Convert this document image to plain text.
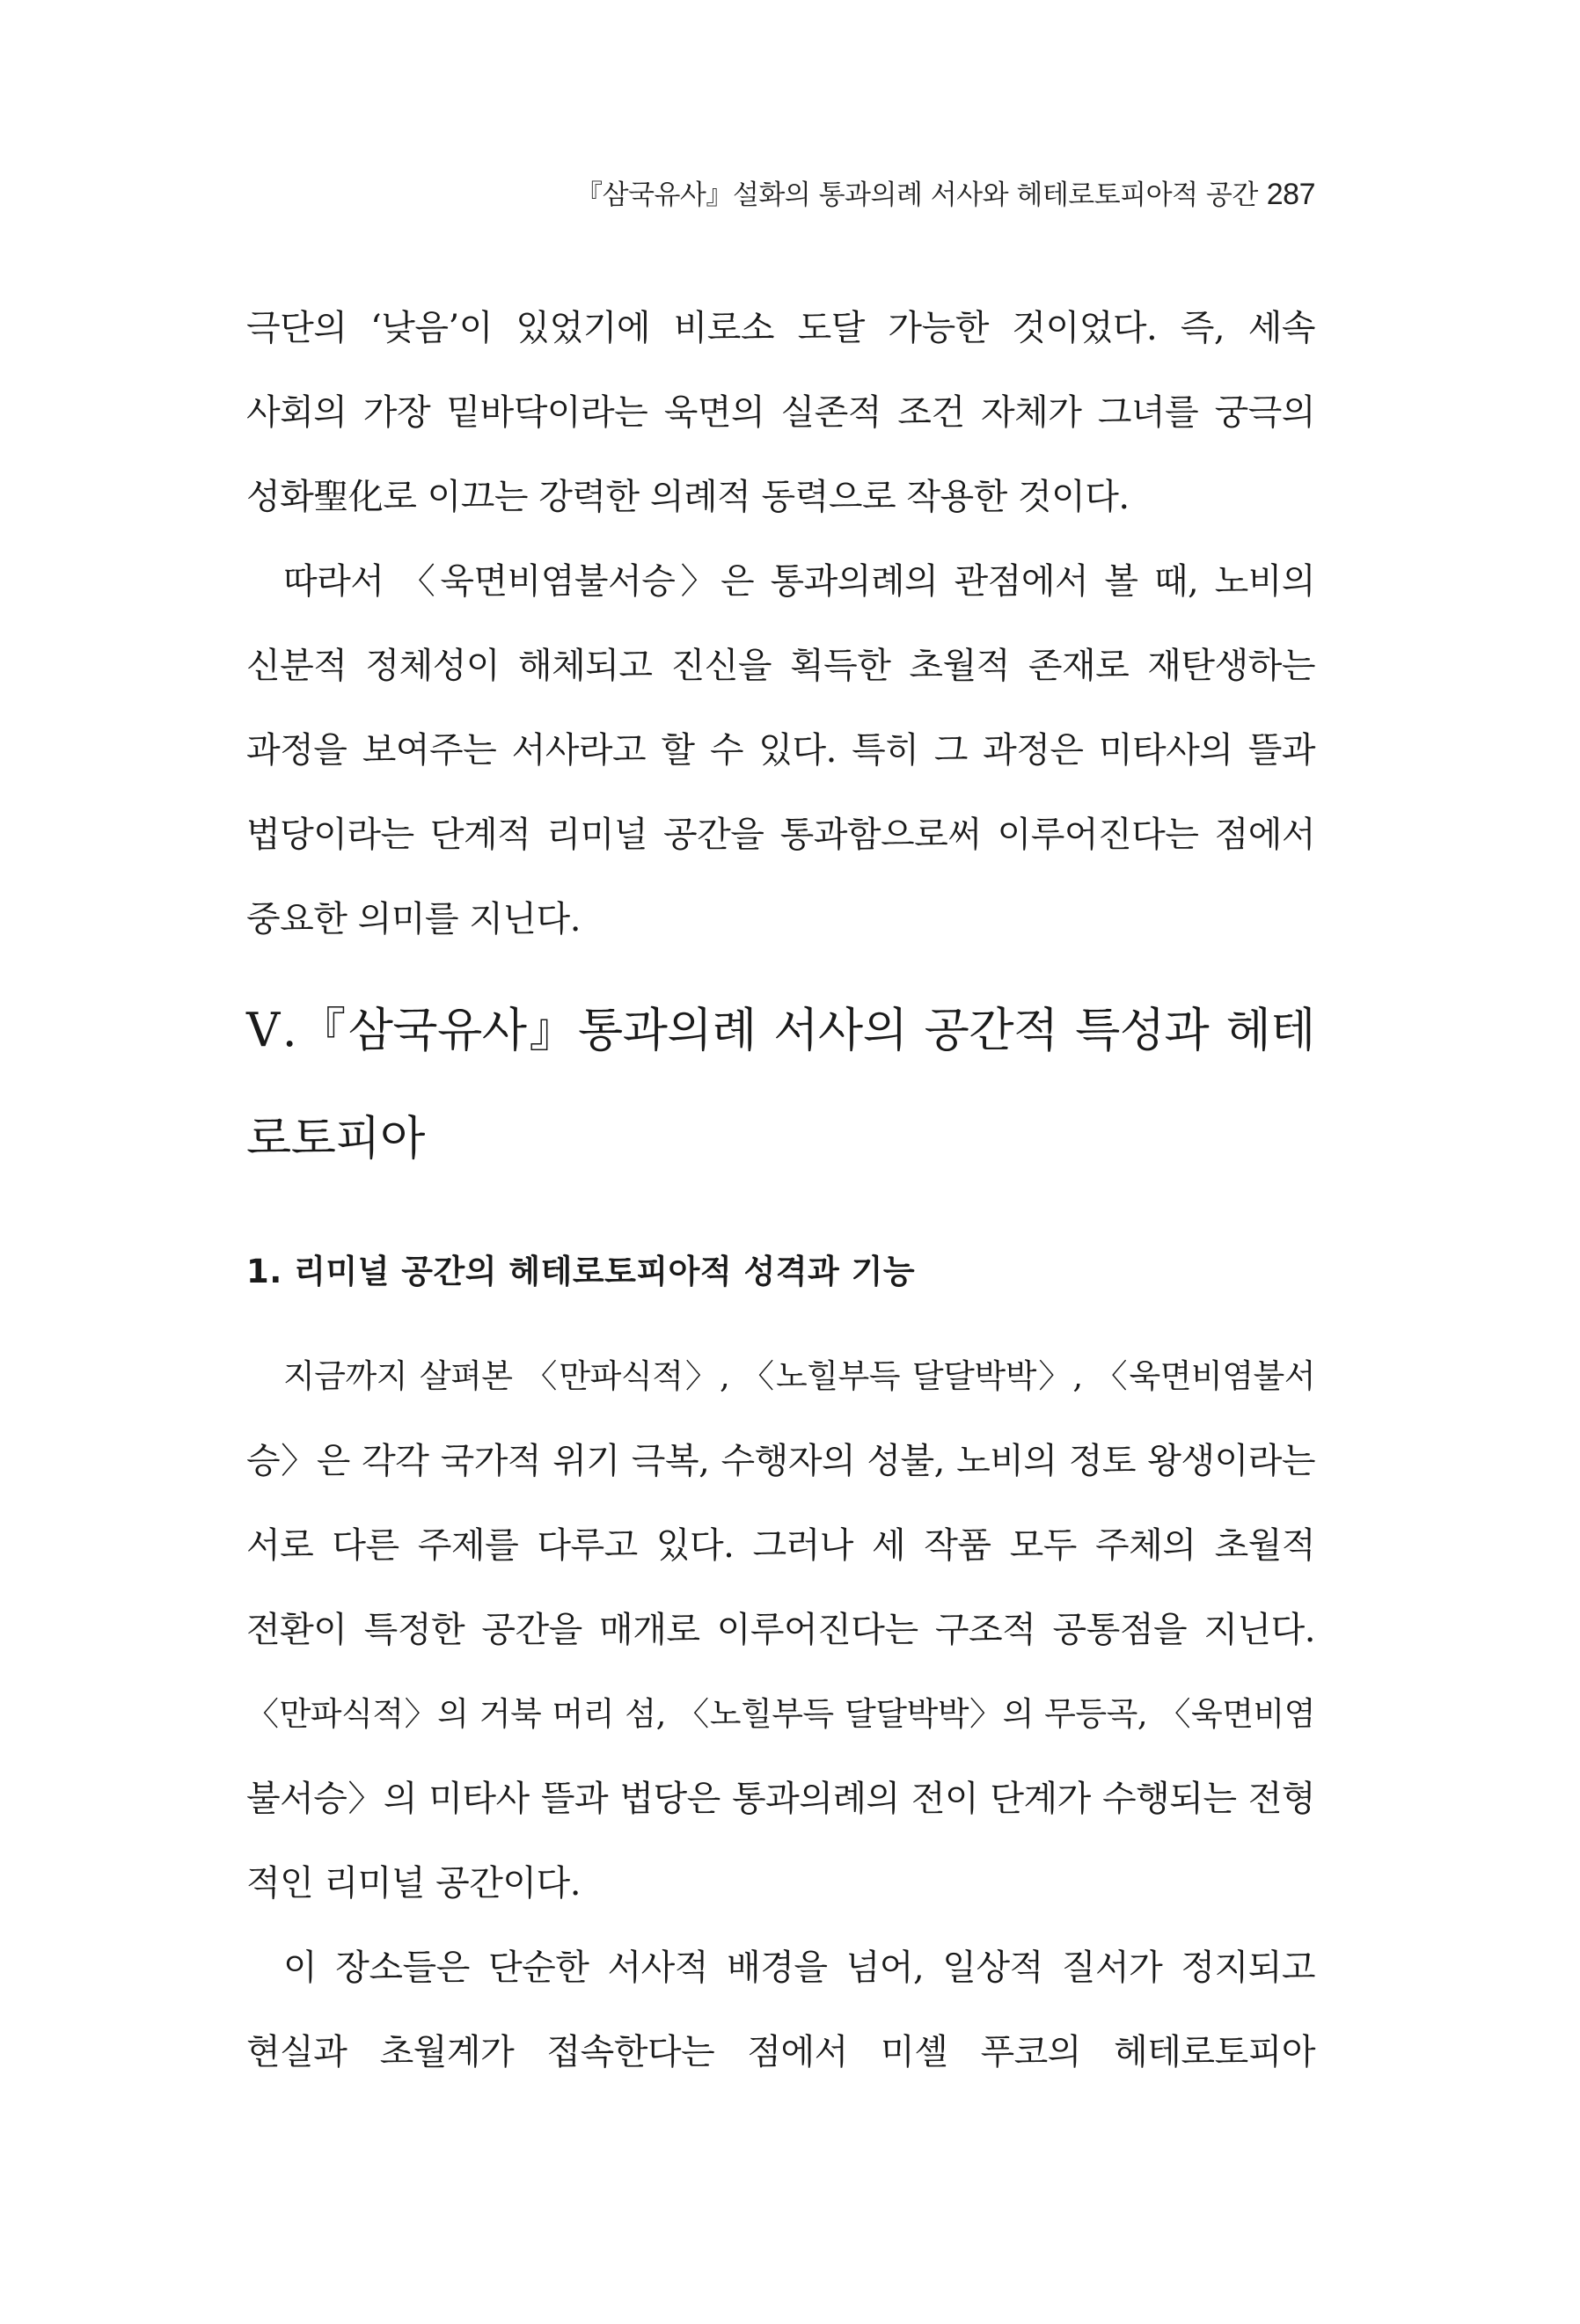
『삼국유사』설화의 통과의례 서사와 헤테로토피아적 공간 287
극단의 ‘낮음’이 있었기에 비로소 도달 가능한 것이었다. 즉, 세속
사회의 가장 밑바닥이라는 욱면의 실존적 조건 자체가 그녀를 궁극의
성화聖化로 이끄는 강력한 의례적 동력으로 작용한 것이다.
따라서 〈욱면비염불서승〉은 통과의례의 관점에서 볼 때, 노비의
신분적 정체성이 해체되고 진신을 획득한 초월적 존재로 재탄생하는
과정을 보여주는 서사라고 할 수 있다. 특히 그 과정은 미타사의 뜰과
법당이라는 단계적 리미널 공간을 통과함으로써 이루어진다는 점에서
중요한 의미를 지닌다.
Ⅴ.『삼국유사』통과의례 서사의 공간적 특성과 헤테
로토피아
1. 리미널 공간의 헤테로토피아적 성격과 기능
지금까지 살펴본 〈만파식적〉, 〈노힐부득 달달박박〉, 〈욱면비염불서
승〉은 각각 국가적 위기 극복, 수행자의 성불, 노비의 정토 왕생이라는
서로 다른 주제를 다루고 있다. 그러나 세 작품 모두 주체의 초월적
전환이 특정한 공간을 매개로 이루어진다는 구조적 공통점을 지닌다.
〈만파식적〉의 거북 머리 섬, 〈노힐부득 달달박박〉의 무등곡, 〈욱면비염
불서승〉의 미타사 뜰과 법당은 통과의례의 전이 단계가 수행되는 전형
적인 리미널 공간이다.
이 장소들은 단순한 서사적 배경을 넘어, 일상적 질서가 정지되고
현실과 초월계가 접속한다는 점에서 미셸 푸코의 헤테로토피아
